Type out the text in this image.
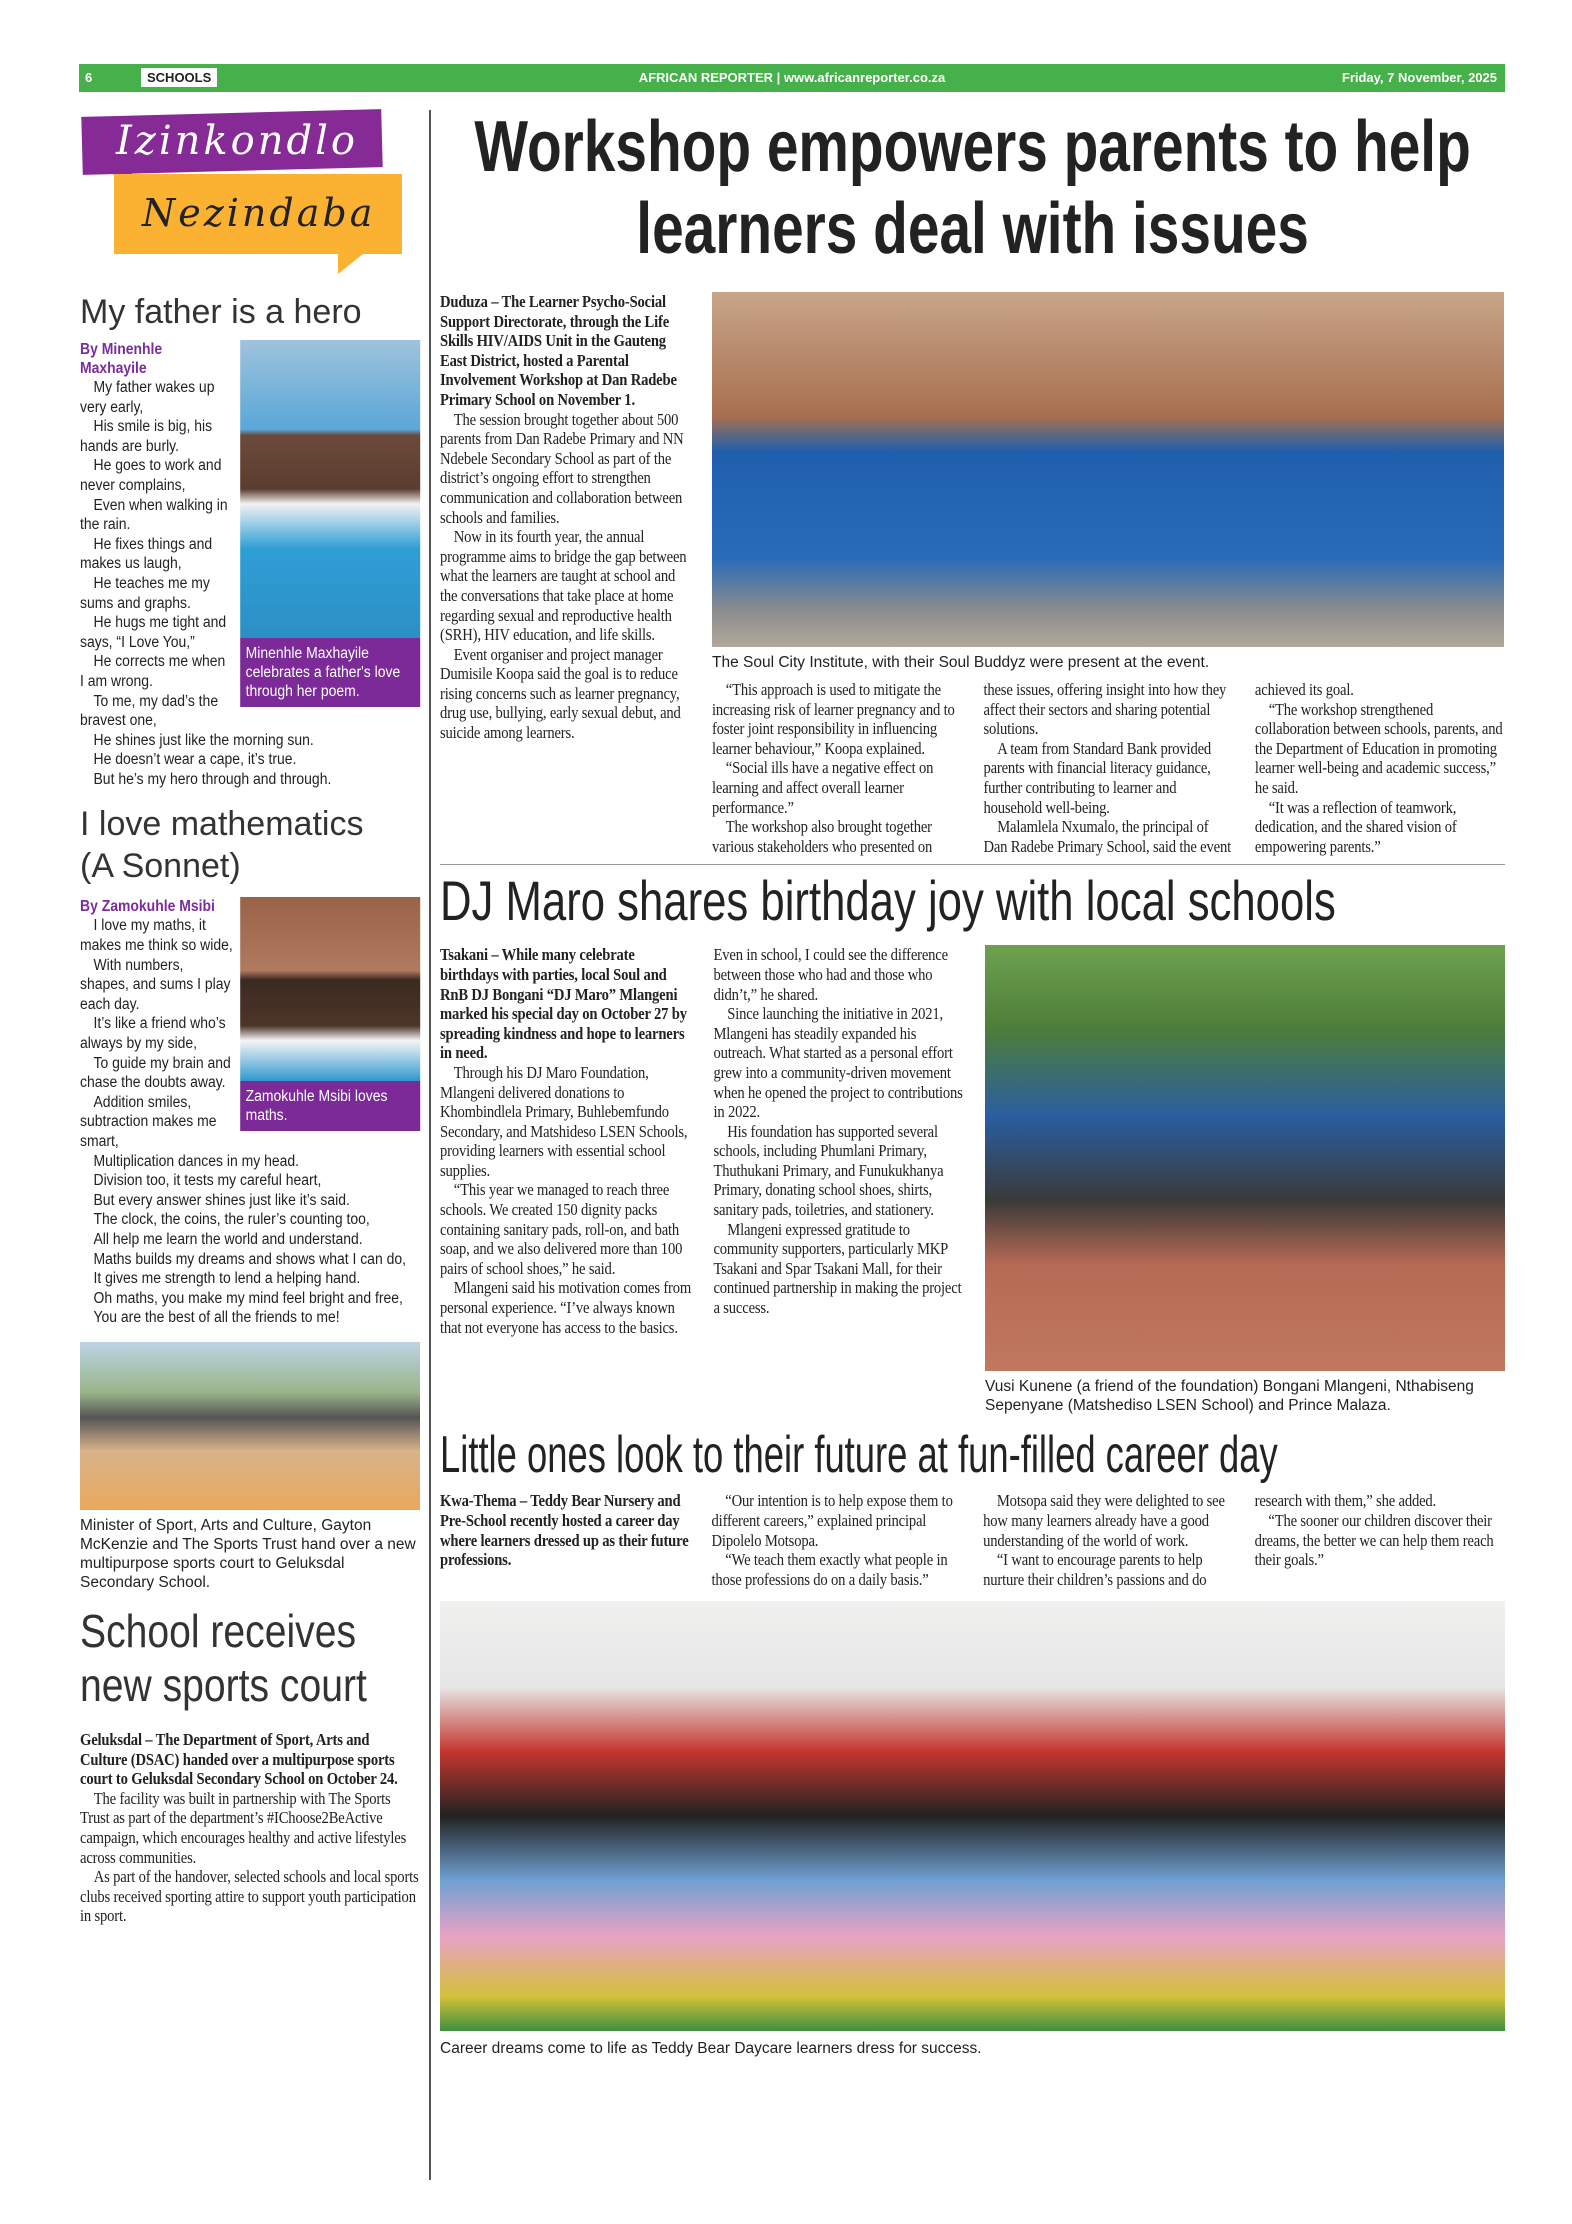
6	SCHOOLS	AFRICAN REPORTER | www.africanreporter.co.za	Friday, 7 November, 2025
Izinkondlo
Nezindaba
My father is a hero
Minenhle Maxhayile celebrates a father's love through her poem.
By Minenhle Maxhayile

My father wakes up very early,

His smile is big, his hands are burly.

He goes to work and never complains,

Even when walking in the rain.

He fixes things and makes us laugh,

He teaches me my sums and graphs.

He hugs me tight and says, “I Love You,”

He corrects me when I am wrong.

To me, my dad’s the bravest one,

He shines just like the morning sun.

He doesn’t wear a cape, it’s true.

But he’s my hero through and through.

I love mathematics (A Sonnet)
Zamokuhle Msibi loves maths.
By Zamokuhle Msibi

I love my maths, it makes me think so wide,

With numbers, shapes, and sums I play each day.

It’s like a friend who’s always by my side,

To guide my brain and chase the doubts away.

Addition smiles, subtraction makes me smart,

Multiplication dances in my head.

Division too, it tests my careful heart,

But every answer shines just like it’s said.

The clock, the coins, the ruler’s counting too,

All help me learn the world and understand.

Maths builds my dreams and shows what I can do,

It gives me strength to lend a helping hand.

Oh maths, you make my mind feel bright and free,

You are the best of all the friends to me!

Minister of Sport, Arts and Culture, Gayton McKenzie and The Sports Trust hand over a new multipurpose sports court to Geluksdal Secondary School.
School receives new sports court

Geluksdal – The Department of Sport, Arts and Culture (DSAC) handed over a multipurpose sports court to Geluksdal Secondary School on October 24.

The facility was built in partnership with The Sports Trust as part of the department’s #IChoose2BeActive campaign, which encourages healthy and active lifestyles across communities.

As part of the handover, selected schools and local sports clubs received sporting attire to support youth participation in sport.

Workshop empowers parents to help learners deal with issues

Duduza – The Learner Psycho-Social Support Directorate, through the Life Skills HIV/AIDS Unit in the Gauteng East District, hosted a Parental Involvement Workshop at Dan Radebe Primary School on November 1.

The session brought together about 500 parents from Dan Radebe Primary and NN Ndebele Secondary School as part of the district’s ongoing effort to strengthen communication and collaboration between schools and families.

Now in its fourth year, the annual programme aims to bridge the gap between what the learners are taught at school and the conversations that take place at home regarding sexual and reproductive health (SRH), HIV education, and life skills.

Event organiser and project manager Dumisile Koopa said the goal is to reduce rising concerns such as learner pregnancy, drug use, bullying, early sexual debut, and suicide among learners.

The Soul City Institute, with their Soul Buddyz were present at the event.

“This approach is used to mitigate the increasing risk of learner pregnancy and to foster joint responsibility in influencing learner behaviour,” Koopa explained.

“Social ills have a negative effect on learning and affect overall learner performance.”

The workshop also brought together various stakeholders who presented on these issues, offering insight into how they affect their sectors and sharing potential solutions.

A team from Standard Bank provided parents with financial literacy guidance, further contributing to learner and household well-being.

Malamlela Nxumalo, the principal of Dan Radebe Primary School, said the event achieved its goal.

“The workshop strengthened collaboration between schools, parents, and the Department of Education in promoting learner well-being and academic success,” he said.

“It was a reflection of teamwork, dedication, and the shared vision of empowering parents.”

DJ Maro shares birthday joy with local schools

Tsakani – While many celebrate birthdays with parties, local Soul and RnB DJ Bongani “DJ Maro” Mlangeni marked his special day on October 27 by spreading kindness and hope to learners in need.

Through his DJ Maro Foundation, Mlangeni delivered donations to Khombindlela Primary, Buhlebemfundo Secondary, and Matshideso LSEN Schools, providing learners with essential school supplies.

“This year we managed to reach three schools. We created 150 dignity packs containing sanitary pads, roll-on, and bath soap, and we also delivered more than 100 pairs of school shoes,” he said.

Mlangeni said his motivation comes from personal experience. “I’ve always known that not everyone has access to the basics. Even in school, I could see the difference between those who had and those who didn’t,” he shared.

Since launching the initiative in 2021, Mlangeni has steadily expanded his outreach. What started as a personal effort grew into a community-driven movement when he opened the project to contributions in 2022.

His foundation has supported several schools, including Phumlani Primary, Thuthukani Primary, and Funukukhanya Primary, donating school shoes, shirts, sanitary pads, toiletries, and stationery.

Mlangeni expressed gratitude to community supporters, particularly MKP Tsakani and Spar Tsakani Mall, for their continued partnership in making the project a success.

Vusi Kunene (a friend of the foundation) Bongani Mlangeni, Nthabiseng Sepenyane (Matshediso LSEN School) and Prince Malaza.
Little ones look to their future at fun-filled career day

Kwa-Thema – Teddy Bear Nursery and Pre-School recently hosted a career day where learners dressed up as their future professions.

“Our intention is to help expose them to different careers,” explained principal Dipolelo Motsopa.

“We teach them exactly what people in those professions do on a daily basis.”

Motsopa said they were delighted to see how many learners already have a good understanding of the world of work.

“I want to encourage parents to help nurture their children’s passions and do research with them,” she added.

“The sooner our children discover their dreams, the better we can help them reach their goals.”

Career dreams come to life as Teddy Bear Daycare learners dress for success.
